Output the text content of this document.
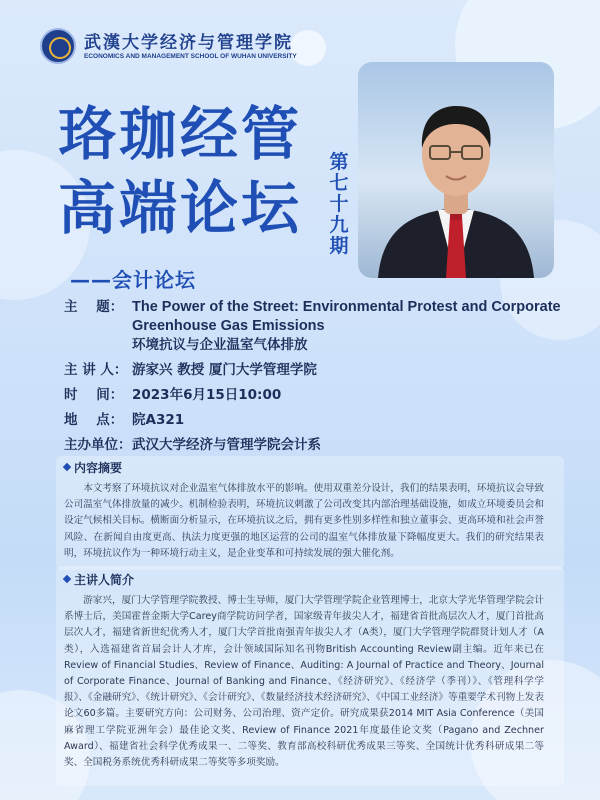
武漢大学经济与管理学院
ECONOMICS AND MANAGEMENT SCHOOL OF WUHAN UNIVERSITY
珞珈经管
高端论坛
第七十九期
——会计论坛
主    题： The Power of the Street: Environmental Protest and Corporate Greenhouse Gas Emissions
环境抗议与企业温室气体排放
主 讲 人： 游家兴 教授 厦门大学管理学院
时    间： 2023年6月15日10:00
地    点： 院A321
主办单位： 武汉大学经济与管理学院会计系
内容摘要
本文考察了环境抗议对企业温室气体排放水平的影响。使用双重差分设计，我们的结果表明，环境抗议会导致公司温室气体排放量的减少。机制检验表明，环境抗议刺激了公司改变其内部治理基础设施，如成立环境委员会和设定气候相关目标。横断面分析显示，在环境抗议之后，拥有更多性别多样性和独立董事会、更高环境和社会声誉风险、在新闻自由度更高、执法力度更强的地区运营的公司的温室气体排放量下降幅度更大。我们的研究结果表明，环境抗议作为一种环境行动主义，是企业变革和可持续发展的强大催化剂。
主讲人简介
游家兴，厦门大学管理学院教授、博士生导师，厦门大学管理学院企业管理博士，北京大学光华管理学院会计系博士后，美国霍普金斯大学Carey商学院访问学者，国家级青年拔尖人才，福建省首批高层次人才，厦门首批高层次人才，福建省新世纪优秀人才，厦门大学首批南强青年拔尖人才（A类），厦门大学管理学院群贤计划人才（A类），入选福建省首届会计人才库，会计领域国际知名刊物British Accounting Review副主编。近年来已在Review of Financial Studies、Review of Finance、Auditing: A Journal of Practice and Theory、Journal of Corporate Finance、Journal of Banking and Finance、《经济研究》、《经济学（季刊）》、《管理科学学报》、《金融研究》、《统计研究》、《会计研究》、《数量经济技术经济研究》、《中国工业经济》等重要学术刊物上发表论文60多篇。主要研究方向：公司财务、公司治理、资产定价。研究成果获2014 MIT Asia Conference（美国麻省理工学院亚洲年会）最佳论文奖、Review of Finance 2021年度最佳论文奖（Pagano and Zechner Award）、福建省社会科学优秀成果一、二等奖、教育部高校科研优秀成果三等奖、全国统计优秀科研成果二等奖、全国税务系统优秀科研成果二等奖等多项奖励。
